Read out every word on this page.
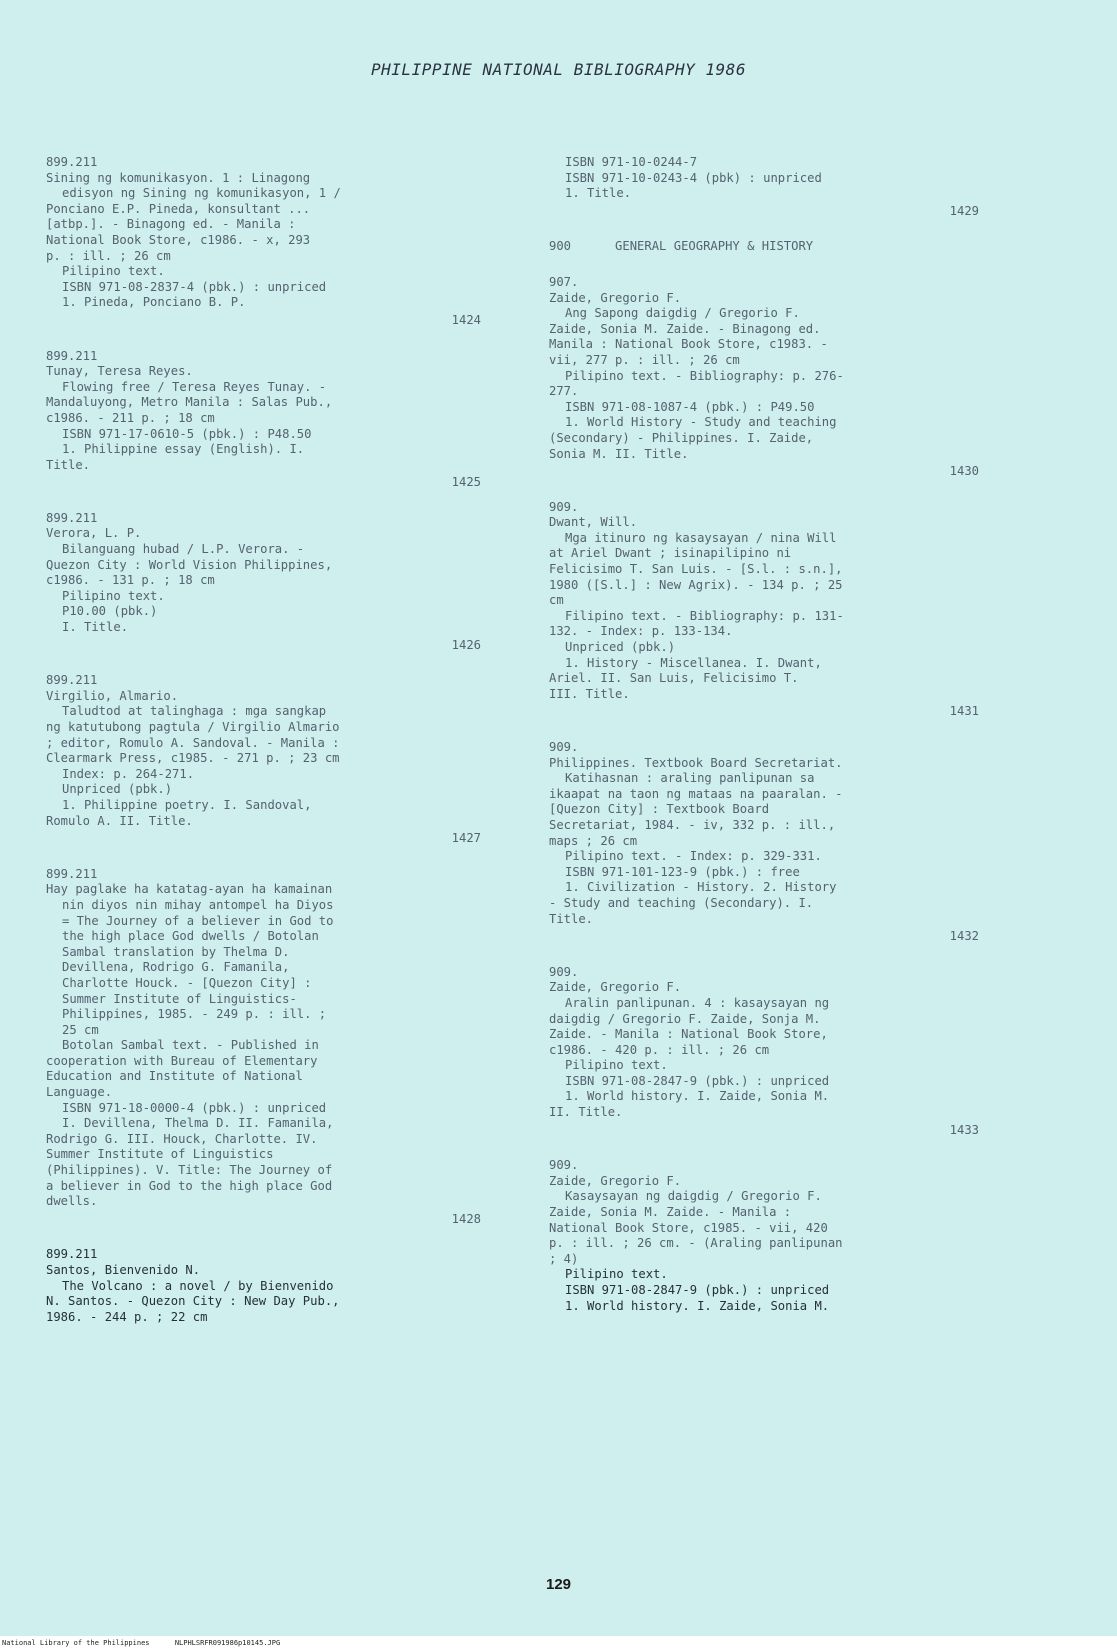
PHILIPPINE NATIONAL BIBLIOGRAPHY 1986
899.211
Sining ng komunikasyon. 1 : Linagong
edisyon ng Sining ng komunikasyon, 1 /
Ponciano E.P. Pineda, konsultant ...
[atbp.]. - Binagong ed. - Manila :
National Book Store, c1986. - x, 293
p. : ill. ; 26 cm
Pilipino text.
ISBN 971-08-2837-4 (pbk.) : unpriced
1. Pineda, Ponciano B. P.
1424
899.211
Tunay, Teresa Reyes.
Flowing free / Teresa Reyes Tunay. -
Mandaluyong, Metro Manila : Salas Pub.,
c1986. - 211 p. ; 18 cm
ISBN 971-17-0610-5 (pbk.) : P48.50
1. Philippine essay (English). I.
Title.
1425
899.211
Verora, L. P.
Bilanguang hubad / L.P. Verora. -
Quezon City : World Vision Philippines,
c1986. - 131 p. ; 18 cm
Pilipino text.
P10.00 (pbk.)
I. Title.
1426
899.211
Virgilio, Almario.
Taludtod at talinghaga : mga sangkap
ng katutubong pagtula / Virgilio Almario
; editor, Romulo A. Sandoval. - Manila :
Clearmark Press, c1985. - 271 p. ; 23 cm
Index: p. 264-271.
Unpriced (pbk.)
1. Philippine poetry. I. Sandoval,
Romulo A. II. Title.
1427
899.211
Hay paglake ha katatag-ayan ha kamainan
nin diyos nin mihay antompel ha Diyos
= The Journey of a believer in God to
the high place God dwells / Botolan
Sambal translation by Thelma D.
Devillena, Rodrigo G. Famanila,
Charlotte Houck. - [Quezon City] :
Summer Institute of Linguistics-
Philippines, 1985. - 249 p. : ill. ;
25 cm
Botolan Sambal text. - Published in
cooperation with Bureau of Elementary
Education and Institute of National
Language.
ISBN 971-18-0000-4 (pbk.) : unpriced
I. Devillena, Thelma D. II. Famanila,
Rodrigo G. III. Houck, Charlotte. IV.
Summer Institute of Linguistics
(Philippines). V. Title: The Journey of
a believer in God to the high place God
dwells.
1428
899.211
Santos, Bienvenido N.
The Volcano : a novel / by Bienvenido
N. Santos. - Quezon City : New Day Pub.,
1986. - 244 p. ; 22 cm
ISBN 971-10-0244-7
ISBN 971-10-0243-4 (pbk) : unpriced
1. Title.
1429
900      GENERAL GEOGRAPHY & HISTORY
907.
Zaide, Gregorio F.
Ang Sapong daigdig / Gregorio F.
Zaide, Sonia M. Zaide. - Binagong ed.
Manila : National Book Store, c1983. -
vii, 277 p. : ill. ; 26 cm
Pilipino text. - Bibliography: p. 276-
277.
ISBN 971-08-1087-4 (pbk.) : P49.50
1. World History - Study and teaching
(Secondary) - Philippines. I. Zaide,
Sonia M. II. Title.
1430
909.
Dwant, Will.
Mga itinuro ng kasaysayan / nina Will
at Ariel Dwant ; isinapilipino ni
Felicisimo T. San Luis. - [S.l. : s.n.],
1980 ([S.l.] : New Agrix). - 134 p. ; 25
cm
Filipino text. - Bibliography: p. 131-
132. - Index: p. 133-134.
Unpriced (pbk.)
1. History - Miscellanea. I. Dwant,
Ariel. II. San Luis, Felicisimo T.
III. Title.
1431
909.
Philippines. Textbook Board Secretariat.
Katihasnan : araling panlipunan sa
ikaapat na taon ng mataas na paaralan. -
[Quezon City] : Textbook Board
Secretariat, 1984. - iv, 332 p. : ill.,
maps ; 26 cm
Pilipino text. - Index: p. 329-331.
ISBN 971-101-123-9 (pbk.) : free
1. Civilization - History. 2. History
- Study and teaching (Secondary). I.
Title.
1432
909.
Zaide, Gregorio F.
Aralin panlipunan. 4 : kasaysayan ng
daigdig / Gregorio F. Zaide, Sonja M.
Zaide. - Manila : National Book Store,
c1986. - 420 p. : ill. ; 26 cm
Pilipino text.
ISBN 971-08-2847-9 (pbk.) : unpriced
1. World history. I. Zaide, Sonia M.
II. Title.
1433
909.
Zaide, Gregorio F.
Kasaysayan ng daigdig / Gregorio F.
Zaide, Sonia M. Zaide. - Manila :
National Book Store, c1985. - vii, 420
p. : ill. ; 26 cm. - (Araling panlipunan
; 4)
Pilipino text.
ISBN 971-08-2847-9 (pbk.) : unpriced
1. World history. I. Zaide, Sonia M.
129
National Library of the Philippines	NLPHLSRFR091986p10145.JPG
